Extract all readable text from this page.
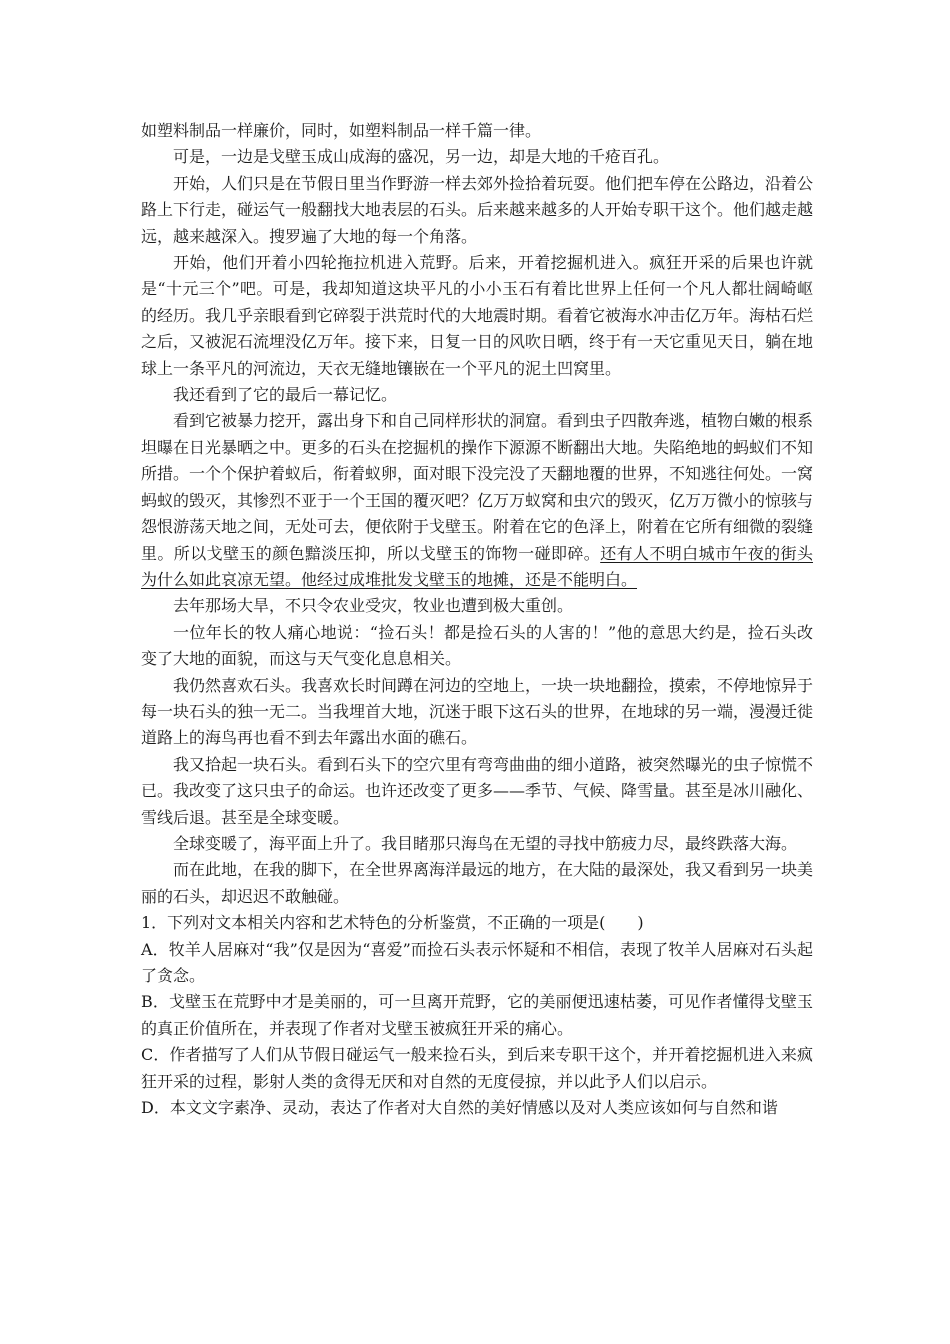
如塑料制品一样廉价，同时，如塑料制品一样千篇一律。

可是，一边是戈壁玉成山成海的盛况，另一边，却是大地的千疮百孔。

开始，人们只是在节假日里当作野游一样去郊外捡拾着玩耍。他们把车停在公路边，沿着公路上下行走，碰运气一般翻找大地表层的石头。后来越来越多的人开始专职干这个。他们越走越远，越来越深入。搜罗遍了大地的每一个角落。

开始，他们开着小四轮拖拉机进入荒野。后来，开着挖掘机进入。疯狂开采的后果也许就是“十元三个”吧。可是，我却知道这块平凡的小小玉石有着比世界上任何一个凡人都壮阔崎岖的经历。我几乎亲眼看到它碎裂于洪荒时代的大地震时期。看着它被海水冲击亿万年。海枯石烂之后，又被泥石流埋没亿万年。接下来，日复一日的风吹日晒，终于有一天它重见天日，躺在地球上一条平凡的河流边，天衣无缝地镶嵌在一个平凡的泥土凹窝里。

我还看到了它的最后一幕记忆。

看到它被暴力挖开，露出身下和自己同样形状的洞窟。看到虫子四散奔逃，植物白嫩的根系坦曝在日光暴晒之中。更多的石头在挖掘机的操作下源源不断翻出大地。失陷绝地的蚂蚁们不知所措。一个个保护着蚁后，衔着蚁卵，面对眼下没完没了天翻地覆的世界，不知逃往何处。一窝蚂蚁的毁灭，其惨烈不亚于一个王国的覆灭吧？亿万万蚁窝和虫穴的毁灭，亿万万微小的惊骇与怨恨游荡天地之间，无处可去，便依附于戈壁玉。附着在它的色泽上，附着在它所有细微的裂缝里。所以戈壁玉的颜色黯淡压抑，所以戈壁玉的饰物一碰即碎。还有人不明白城市午夜的街头为什么如此哀凉无望。他经过成堆批发戈壁玉的地摊，还是不能明白。

去年那场大旱，不只令农业受灾，牧业也遭到极大重创。

一位年长的牧人痛心地说：“捡石头！都是捡石头的人害的！”他的意思大约是，捡石头改变了大地的面貌，而这与天气变化息息相关。

我仍然喜欢石头。我喜欢长时间蹲在河边的空地上，一块一块地翻捡，摸索，不停地惊异于每一块石头的独一无二。当我埋首大地，沉迷于眼下这石头的世界，在地球的另一端，漫漫迁徙道路上的海鸟再也看不到去年露出水面的礁石。

我又拾起一块石头。看到石头下的空穴里有弯弯曲曲的细小道路，被突然曝光的虫子惊慌不已。我改变了这只虫子的命运。也许还改变了更多——季节、气候、降雪量。甚至是冰川融化、雪线后退。甚至是全球变暖。

全球变暖了，海平面上升了。我目睹那只海鸟在无望的寻找中筋疲力尽，最终跌落大海。

而在此地，在我的脚下，在全世界离海洋最远的地方，在大陆的最深处，我又看到另一块美丽的石头，却迟迟不敢触碰。

1．下列对文本相关内容和艺术特色的分析鉴赏，不正确的一项是(　　)

A．牧羊人居麻对“我”仅是因为“喜爱”而捡石头表示怀疑和不相信，表现了牧羊人居麻对石头起了贪念。

B．戈壁玉在荒野中才是美丽的，可一旦离开荒野，它的美丽便迅速枯萎，可见作者懂得戈壁玉的真正价值所在，并表现了作者对戈壁玉被疯狂开采的痛心。

C．作者描写了人们从节假日碰运气一般来捡石头，到后来专职干这个，并开着挖掘机进入来疯狂开采的过程，影射人类的贪得无厌和对自然的无度侵掠，并以此予人们以启示。

D．本文文字素净、灵动，表达了作者对大自然的美好情感以及对人类应该如何与自然和谐
